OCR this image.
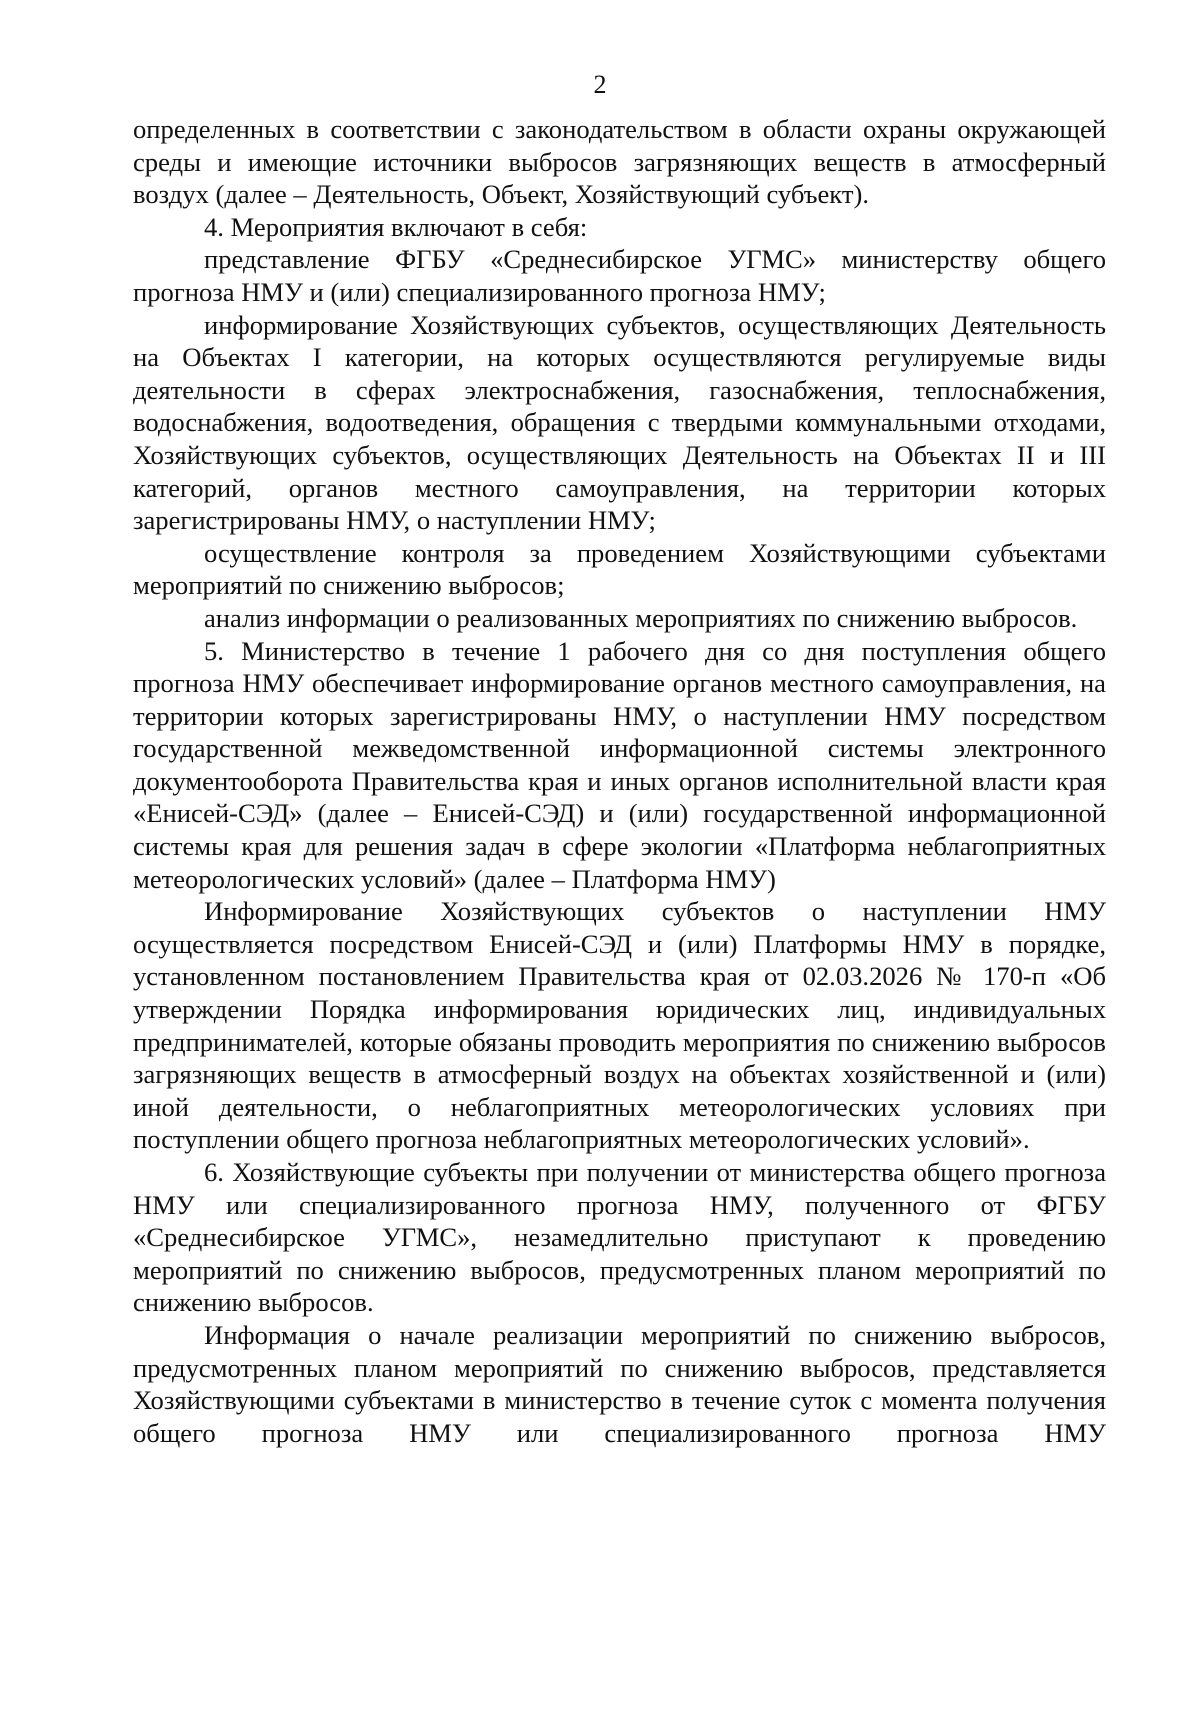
2

определенных в соответствии с законодательством в области охраны окружающей среды и имеющие источники выбросов загрязняющих веществ в атмосферный воздух (далее – Деятельность, Объект, Хозяйствующий субъект).

4. Мероприятия включают в себя:

представление ФГБУ «Среднесибирское УГМС» министерству общего прогноза НМУ и (или) специализированного прогноза НМУ;

информирование Хозяйствующих субъектов, осуществляющих Деятельность на Объектах I категории, на которых осуществляются регулируемые виды деятельности в сферах электроснабжения, газоснабжения, теплоснабжения, водоснабжения, водоотведения, обращения с твердыми коммунальными отходами, Хозяйствующих субъектов, осуществляющих Деятельность на Объектах II и III категорий, органов местного самоуправления, на территории которых зарегистрированы НМУ, о наступлении НМУ;

осуществление контроля за проведением Хозяйствующими субъектами мероприятий по снижению выбросов;

анализ информации о реализованных мероприятиях по снижению выбросов.

5. Министерство в течение 1 рабочего дня со дня поступления общего прогноза НМУ обеспечивает информирование органов местного самоуправления, на территории которых зарегистрированы НМУ, о наступлении НМУ посредством государственной межведомственной информационной системы электронного документооборота Правительства края и иных органов исполнительной власти края «Енисей-СЭД» (далее – Енисей-СЭД) и (или) государственной информационной системы края для решения задач в сфере экологии «Платформа неблагоприятных метеорологических условий» (далее – Платформа НМУ)

Информирование Хозяйствующих субъектов о наступлении НМУ осуществляется посредством Енисей-СЭД и (или) Платформы НМУ в порядке, установленном постановлением Правительства края от 02.03.2026 № 170-п «Об утверждении Порядка информирования юридических лиц, индивидуальных предпринимателей, которые обязаны проводить мероприятия по снижению выбросов загрязняющих веществ в атмосферный воздух на объектах хозяйственной и (или) иной деятельности, о неблагоприятных метеорологических условиях при поступлении общего прогноза неблагоприятных метеорологических условий».

6. Хозяйствующие субъекты при получении от министерства общего прогноза НМУ или специализированного прогноза НМУ, полученного от ФГБУ «Среднесибирское УГМС», незамедлительно приступают к проведению мероприятий по снижению выбросов, предусмотренных планом мероприятий по снижению выбросов.

Информация о начале реализации мероприятий по снижению выбросов, предусмотренных планом мероприятий по снижению выбросов, представляется Хозяйствующими субъектами в министерство в течение суток с момента получения общего прогноза НМУ или специализированного прогноза НМУ
